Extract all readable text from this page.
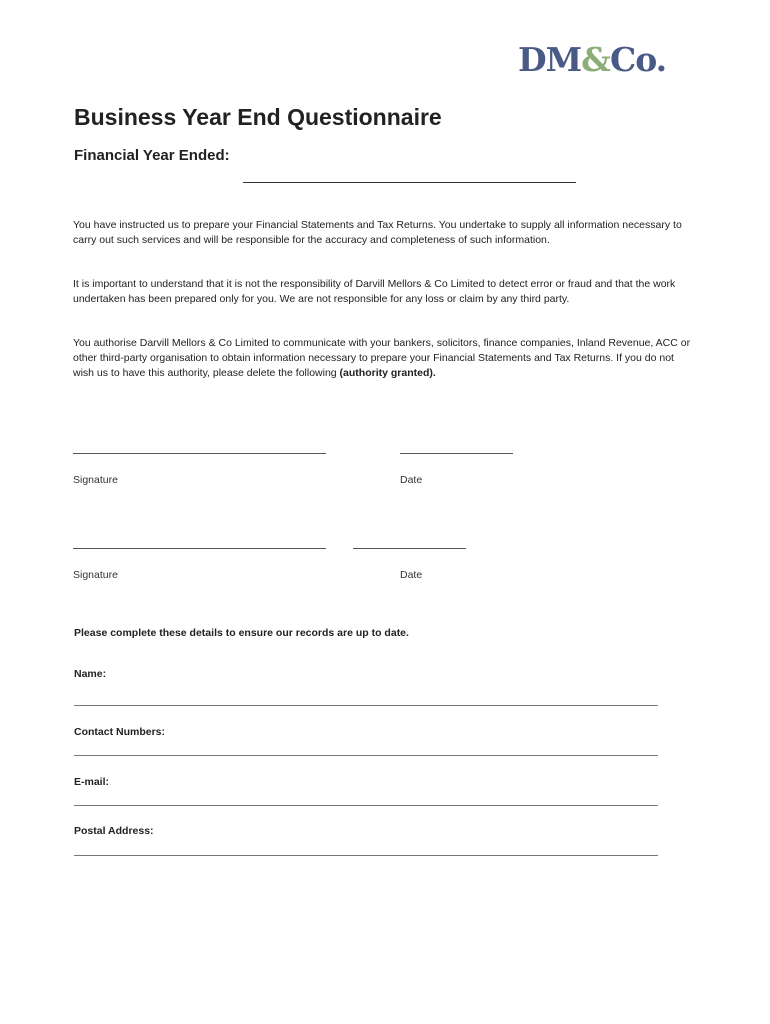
DM&Co.
Business Year End Questionnaire
Financial Year Ended:

You have instructed us to prepare your Financial Statements and Tax Returns. You undertake to supply all information necessary to carry out such services and will be responsible for the accuracy and completeness of such information.

It is important to understand that it is not the responsibility of Darvill Mellors & Co Limited to detect error or fraud and that the work undertaken has been prepared only for you. We are not responsible for any loss or claim by any third party.

You authorise Darvill Mellors & Co Limited to communicate with your bankers, solicitors, finance companies, Inland Revenue, ACC or other third-party organisation to obtain information necessary to prepare your Financial Statements and Tax Returns. If you do not wish us to have this authority, please delete the following (authority granted).

Signature	Date

Signature	Date

Please complete these details to ensure our records are up to date.

Name:

Contact Numbers:

E-mail:

Postal Address:
